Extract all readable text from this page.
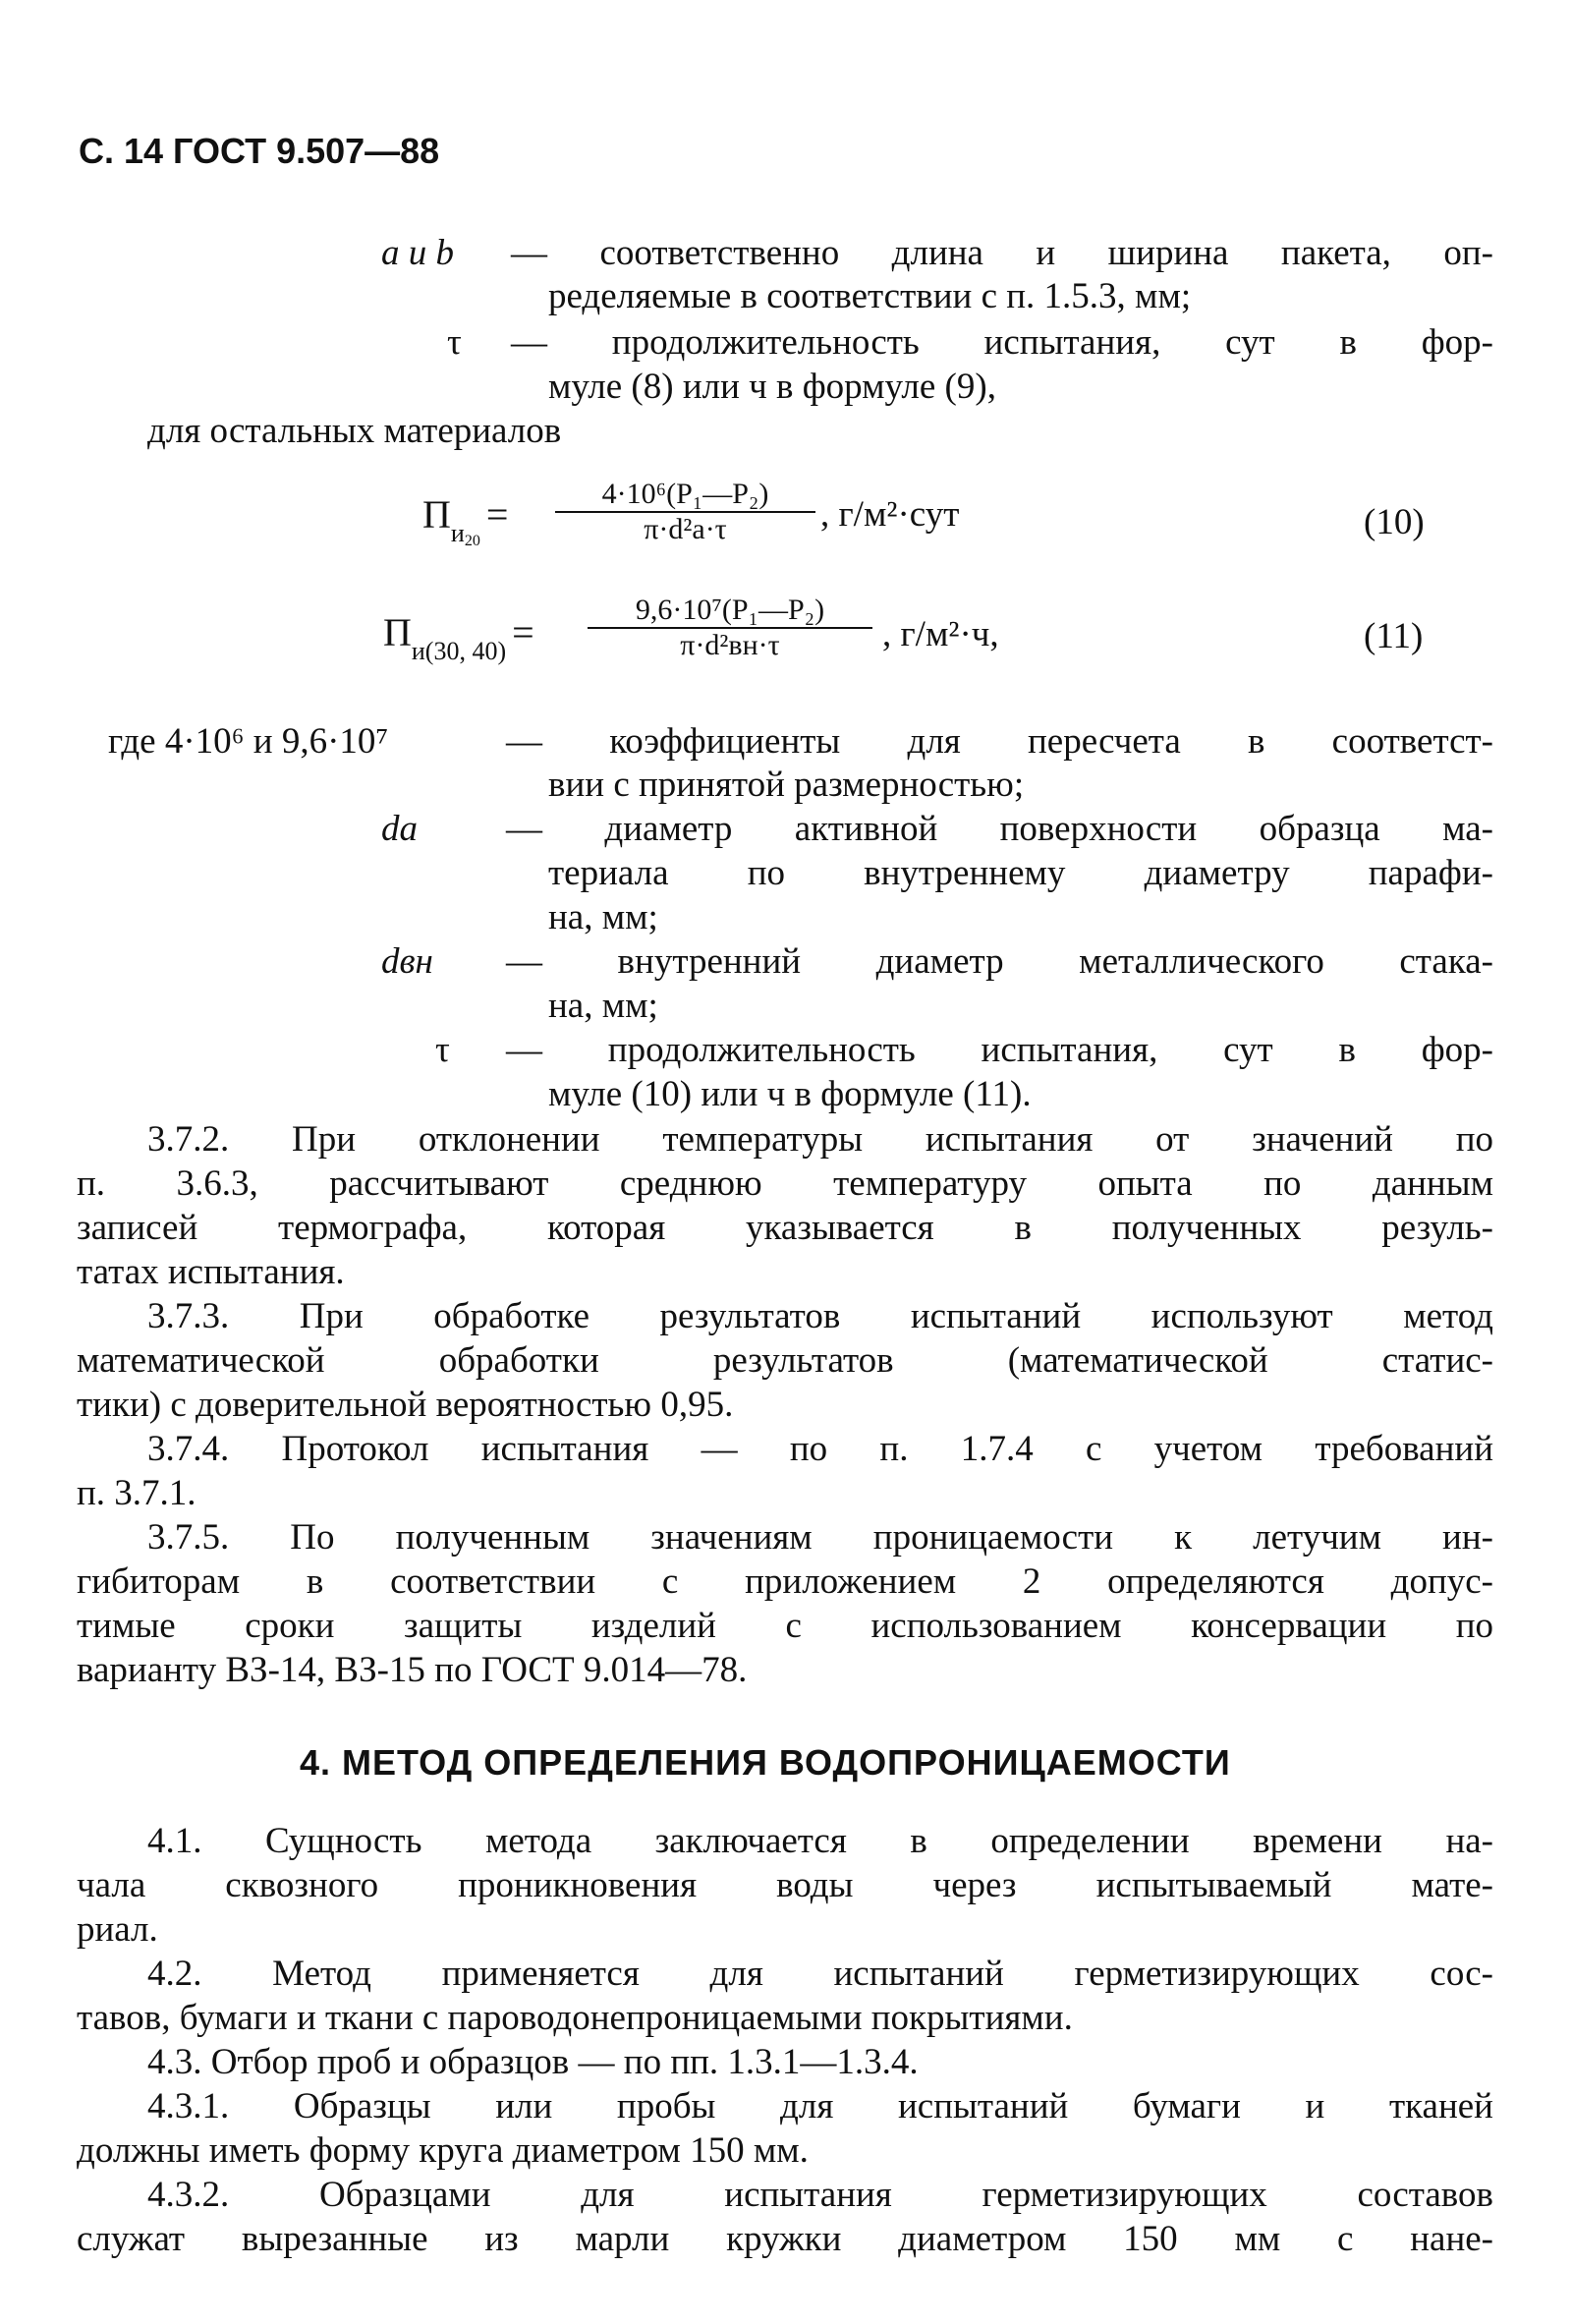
С. 14 ГОСТ 9.507—88
a и b	— соответственно длина и ширина пакета, оп-
ределяемые в соответствии с п. 1.5.3, мм;
τ — продолжительность испытания, сут в фор-
муле (8) или ч в формуле (9),
для остальных материалов
$П_{и20}=$	4·10⁶(P₁—P₂)
π·d²a·τ	, г/м²·сут	(10)
$П_{и(30, 40)}$ =
9,6·10⁷(P₁—P₂)
π·d²вн·τ	, г/м²·ч,	(11)
где 4·10⁶ и 9,6·10⁷	— коэффициенты для пересчета в соответст-
вии с принятой размерностью;
dа — диаметр активной поверхности образца ма-
териала по внутреннему диаметру парафи-
на, мм;
dвн — внутренний диаметр металлического стака-
на, мм;
τ — продолжительность испытания, сут в фор-
муле (10) или ч в формуле (11).
3.7.2. При отклонении температуры испытания от значений по
п. 3.6.3, рассчитывают среднюю температуру опыта по данным
записей термографа, которая указывается в полученных резуль-
татах испытания.
3.7.3. При обработке результатов испытаний используют метод
математической обработки результатов (математической статис-
тики) с доверительной вероятностью 0,95.
3.7.4. Протокол испытания — по п. 1.7.4 с учетом требований
п. 3.7.1.
3.7.5. По полученным значениям проницаемости к летучим ин-
гибиторам в соответствии с приложением 2 определяются допус-
тимые сроки защиты изделий с использованием консервации по
варианту ВЗ-14, ВЗ-15 по ГОСТ 9.014—78.
4. МЕТОД ОПРЕДЕЛЕНИЯ ВОДОПРОНИЦАЕМОСТИ
4.1. Сущность метода заключается в определении времени на-
чала сквозного проникновения воды через испытываемый мате-
риал.
4.2. Метод применяется для испытаний герметизирующих сос-
тавов, бумаги и ткани с пароводонепроницаемыми покрытиями.
4.3. Отбор проб и образцов — по пп. 1.3.1—1.3.4.
4.3.1. Образцы или пробы для испытаний бумаги и тканей
должны иметь форму круга диаметром 150 мм.
4.3.2. Образцами для испытания герметизирующих составов
служат вырезанные из марли кружки диаметром 150 мм с нане-
